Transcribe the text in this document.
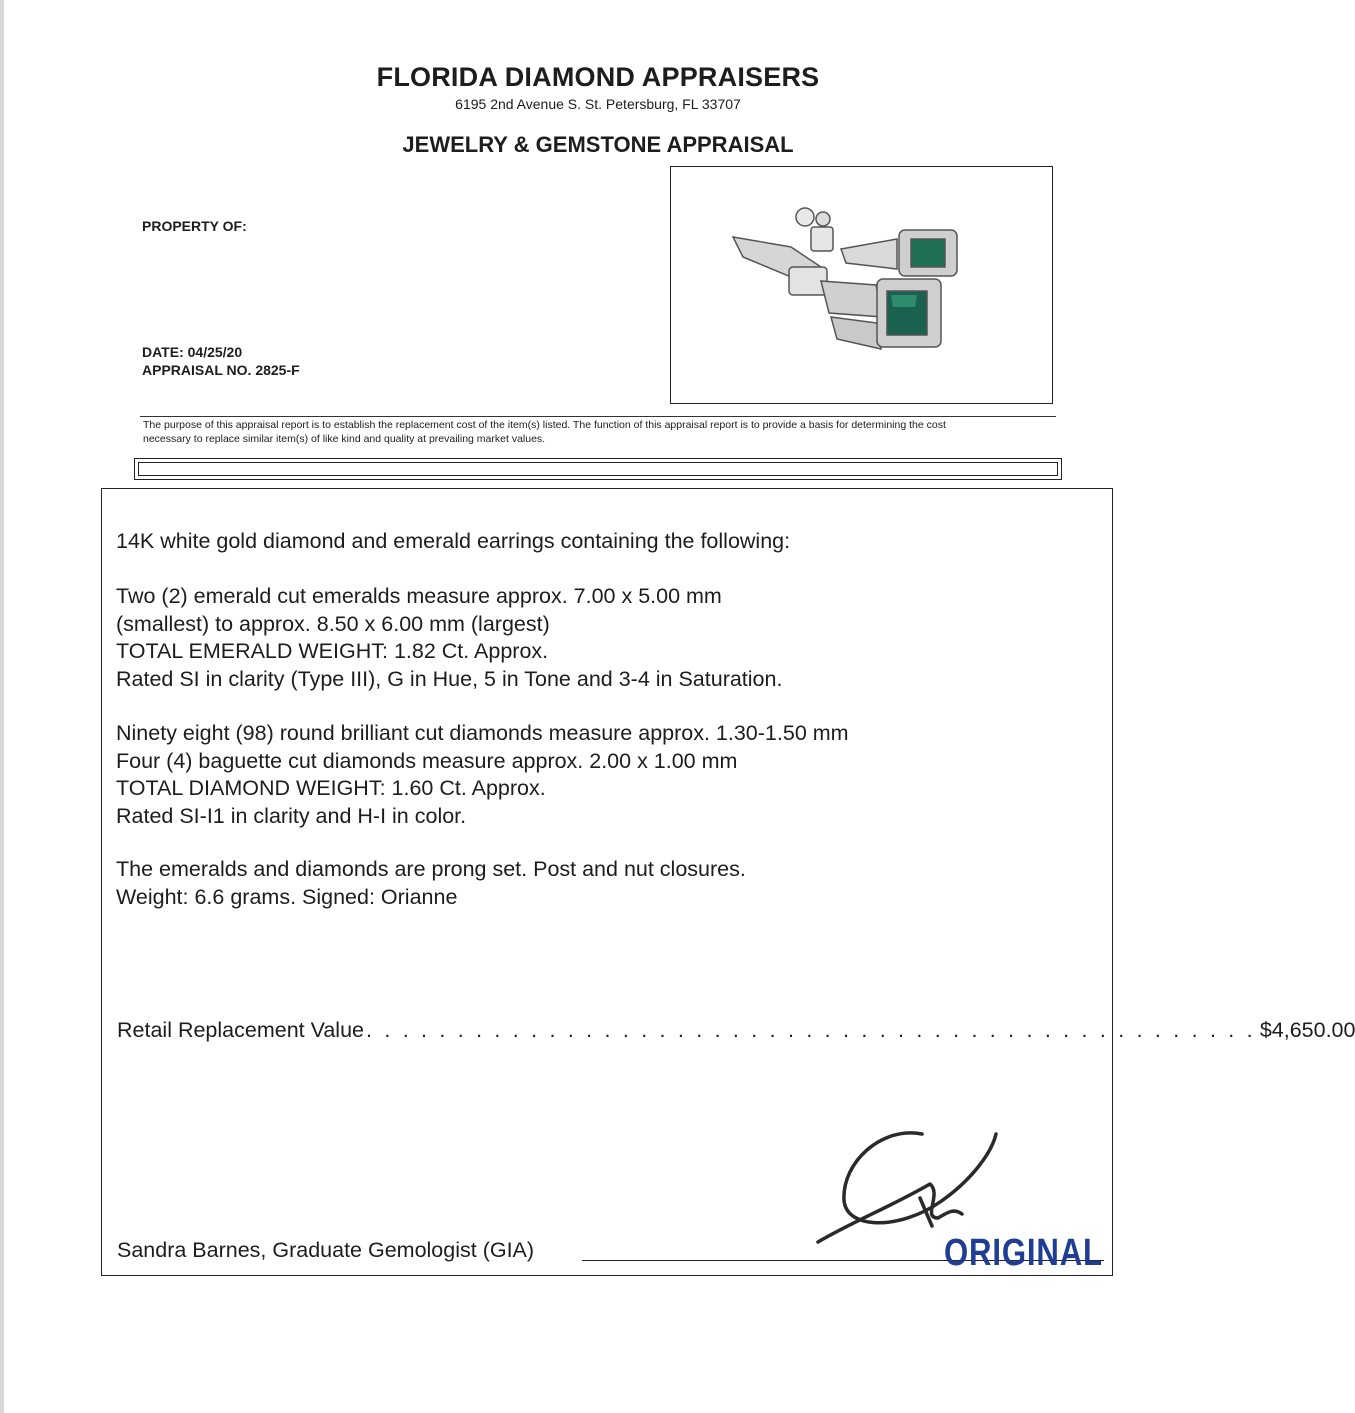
FLORIDA DIAMOND APPRAISERS
6195 2nd Avenue S. St. Petersburg, FL 33707
JEWELRY & GEMSTONE APPRAISAL
PROPERTY OF:
DATE: 04/25/20
APPRAISAL NO. 2825-F
The purpose of this appraisal report is to establish the replacement cost of the item(s) listed. The function of this appraisal report is to provide a basis for determining the cost
necessary to replace similar item(s) of like kind and quality at prevailing market values.
14K white gold diamond and emerald earrings containing the following:
Two (2) emerald cut emeralds measure approx. 7.00 x 5.00 mm
(smallest) to approx. 8.50 x 6.00 mm (largest)
TOTAL EMERALD WEIGHT: 1.82 Ct. Approx.
Rated SI in clarity (Type III), G in Hue, 5 in Tone and 3-4 in Saturation.
Ninety eight (98) round brilliant cut diamonds measure approx. 1.30-1.50 mm
Four (4) baguette cut diamonds measure approx. 2.00 x 1.00 mm
TOTAL DIAMOND WEIGHT: 1.60 Ct. Approx.
Rated SI-I1 in clarity and H-I in color.
The emeralds and diamonds are prong set. Post and nut closures.
Weight: 6.6 grams. Signed: Orianne
Retail Replacement Value . . . . . . . . . . . . . . . . . . . . . . . . . . . . . . . . . . . . . . . . . . . . . . . . . $4,650.00
Sandra Barnes, Graduate Gemologist (GIA)	ORIGINAL
